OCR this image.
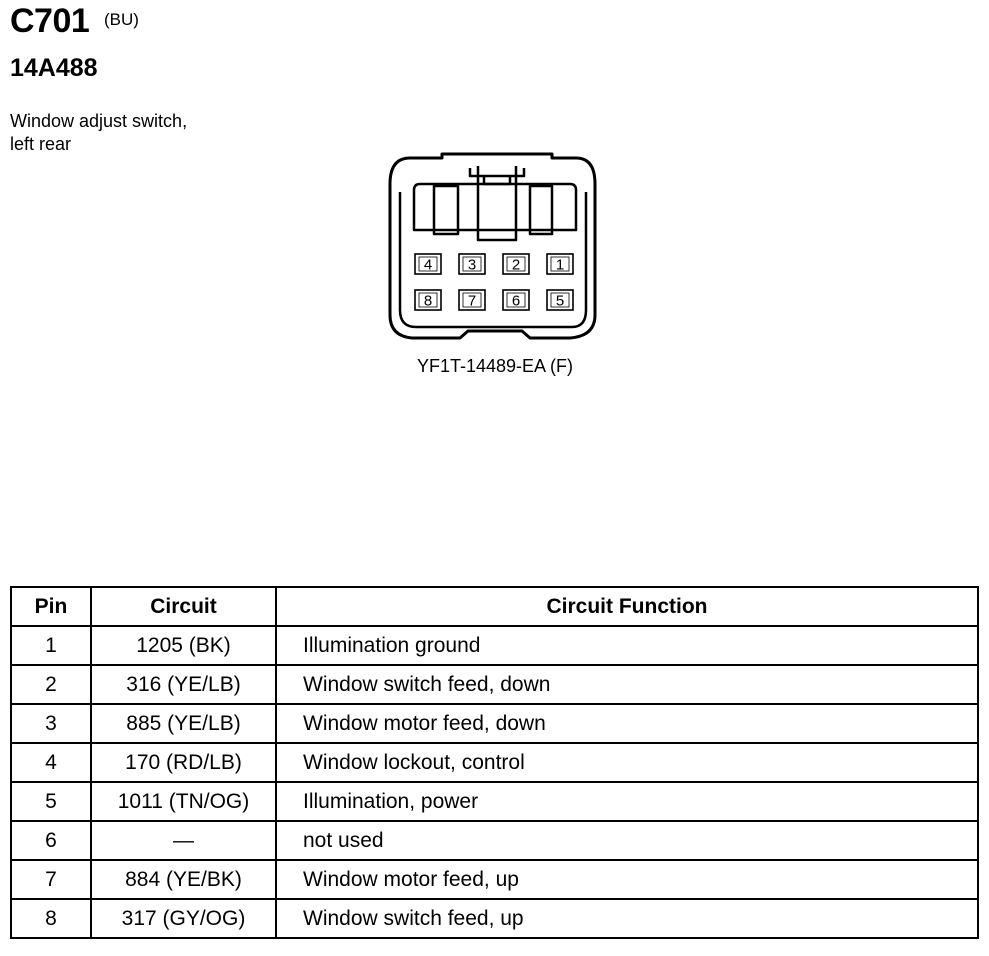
C701 (BU)
14A488
Window adjust switch,
left rear
4 3 2 1
8 7 6 5
YF1T-14489-EA (F)
Pin	Circuit	Circuit Function
1	1205 (BK)	Illumination ground
2	316 (YE/LB)	Window switch feed, down
3	885 (YE/LB)	Window motor feed, down
4	170 (RD/LB)	Window lockout, control
5	1011 (TN/OG)	Illumination, power
6	—	not used
7	884 (YE/BK)	Window motor feed, up
8	317 (GY/OG)	Window switch feed, up
